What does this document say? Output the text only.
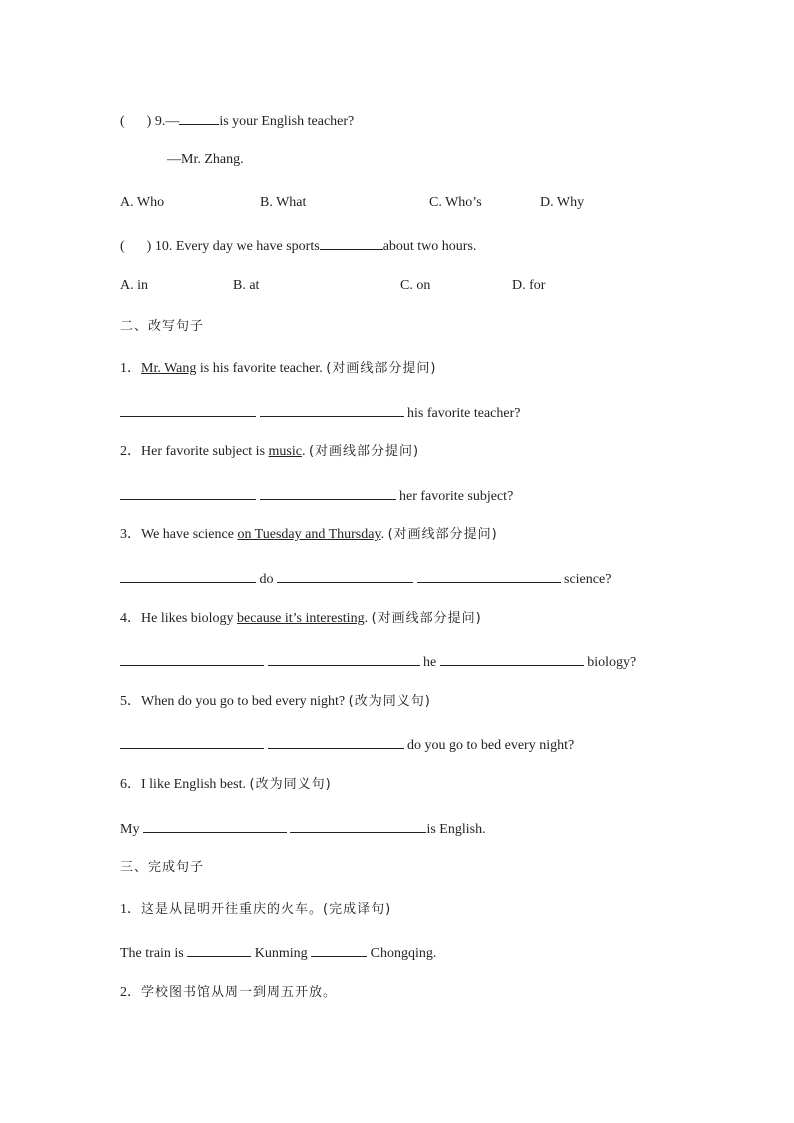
( ) 9.—	is your English teacher?
—Mr. Zhang.
A. Who	B. What	C. Who’s	D. Why
( ) 10. Every day we have sports	about two hours.
A. in	B. at	C. on	D. for
二、改写句子
1．Mr. Wang is his favorite teacher. (对画线部分提问)
his favorite teacher?
2．Her favorite subject is music. (对画线部分提问)
her favorite subject?
3．We have science on Tuesday and Thursday. (对画线部分提问)
do	science?
4．He likes biology because it’s interesting. (对画线部分提问)
he	biology?
5．When do you go to bed every night? (改为同义句)
do you go to bed every night?
6．I like English best. (改为同义句)
My	is English.
三、完成句子
1．这是从昆明开往重庆的火车。(完成译句)
The train is	Kunming	Chongqing.
2．学校图书馆从周一到周五开放。
